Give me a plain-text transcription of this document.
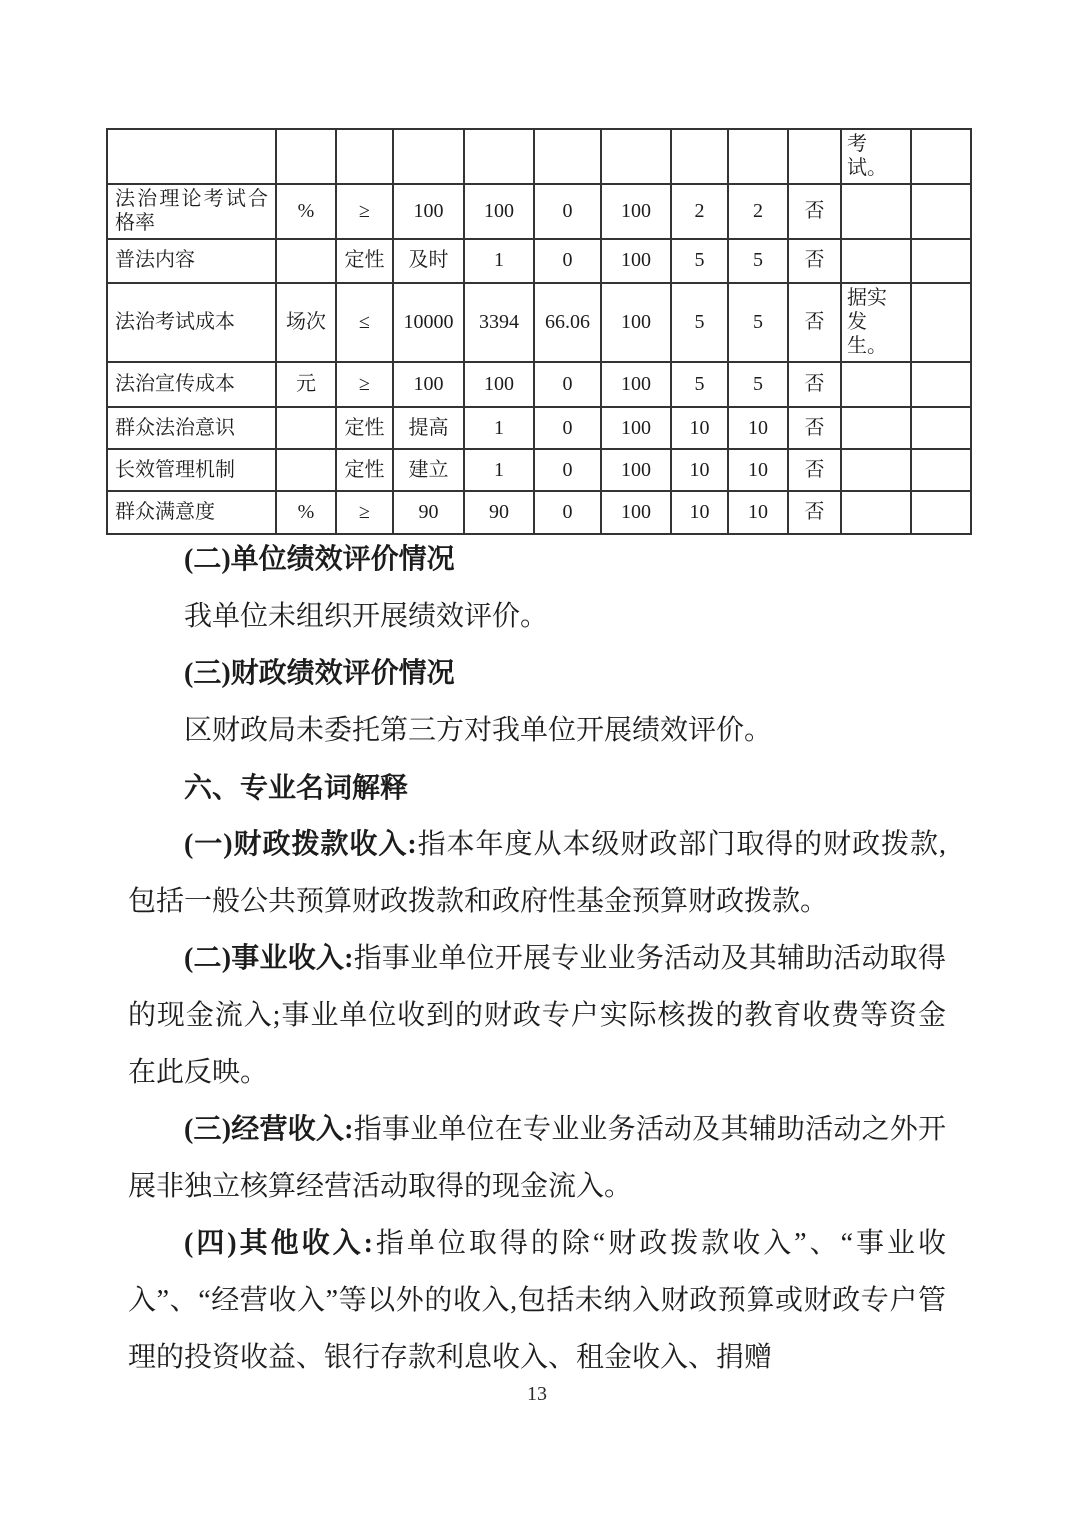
										考试。	
法治理论考试合格率	%	≥	100	100	0	100	2	2	否		
普法内容		定性	及时	1	0	100	5	5	否		
法治考试成本	场次	≤	10000	3394	66.06	100	5	5	否	据实发生。	
法治宣传成本	元	≥	100	100	0	100	5	5	否		
群众法治意识		定性	提高	1	0	100	10	10	否		
长效管理机制		定性	建立	1	0	100	10	10	否		
群众满意度	%	≥	90	90	0	100	10	10	否		

(二)单位绩效评价情况

我单位未组织开展绩效评价。

(三)财政绩效评价情况

区财政局未委托第三方对我单位开展绩效评价。

六、专业名词解释

(一)财政拨款收入:指本年度从本级财政部门取得的财政拨款,包括一般公共预算财政拨款和政府性基金预算财政拨款。

(二)事业收入:指事业单位开展专业业务活动及其辅助活动取得的现金流入;事业单位收到的财政专户实际核拨的教育收费等资金在此反映。

(三)经营收入:指事业单位在专业业务活动及其辅助活动之外开展非独立核算经营活动取得的现金流入。

(四)其他收入:指单位取得的除“财政拨款收入”、“事业收入”、“经营收入”等以外的收入,包括未纳入财政预算或财政专户管理的投资收益、银行存款利息收入、租金收入、捐赠

13
